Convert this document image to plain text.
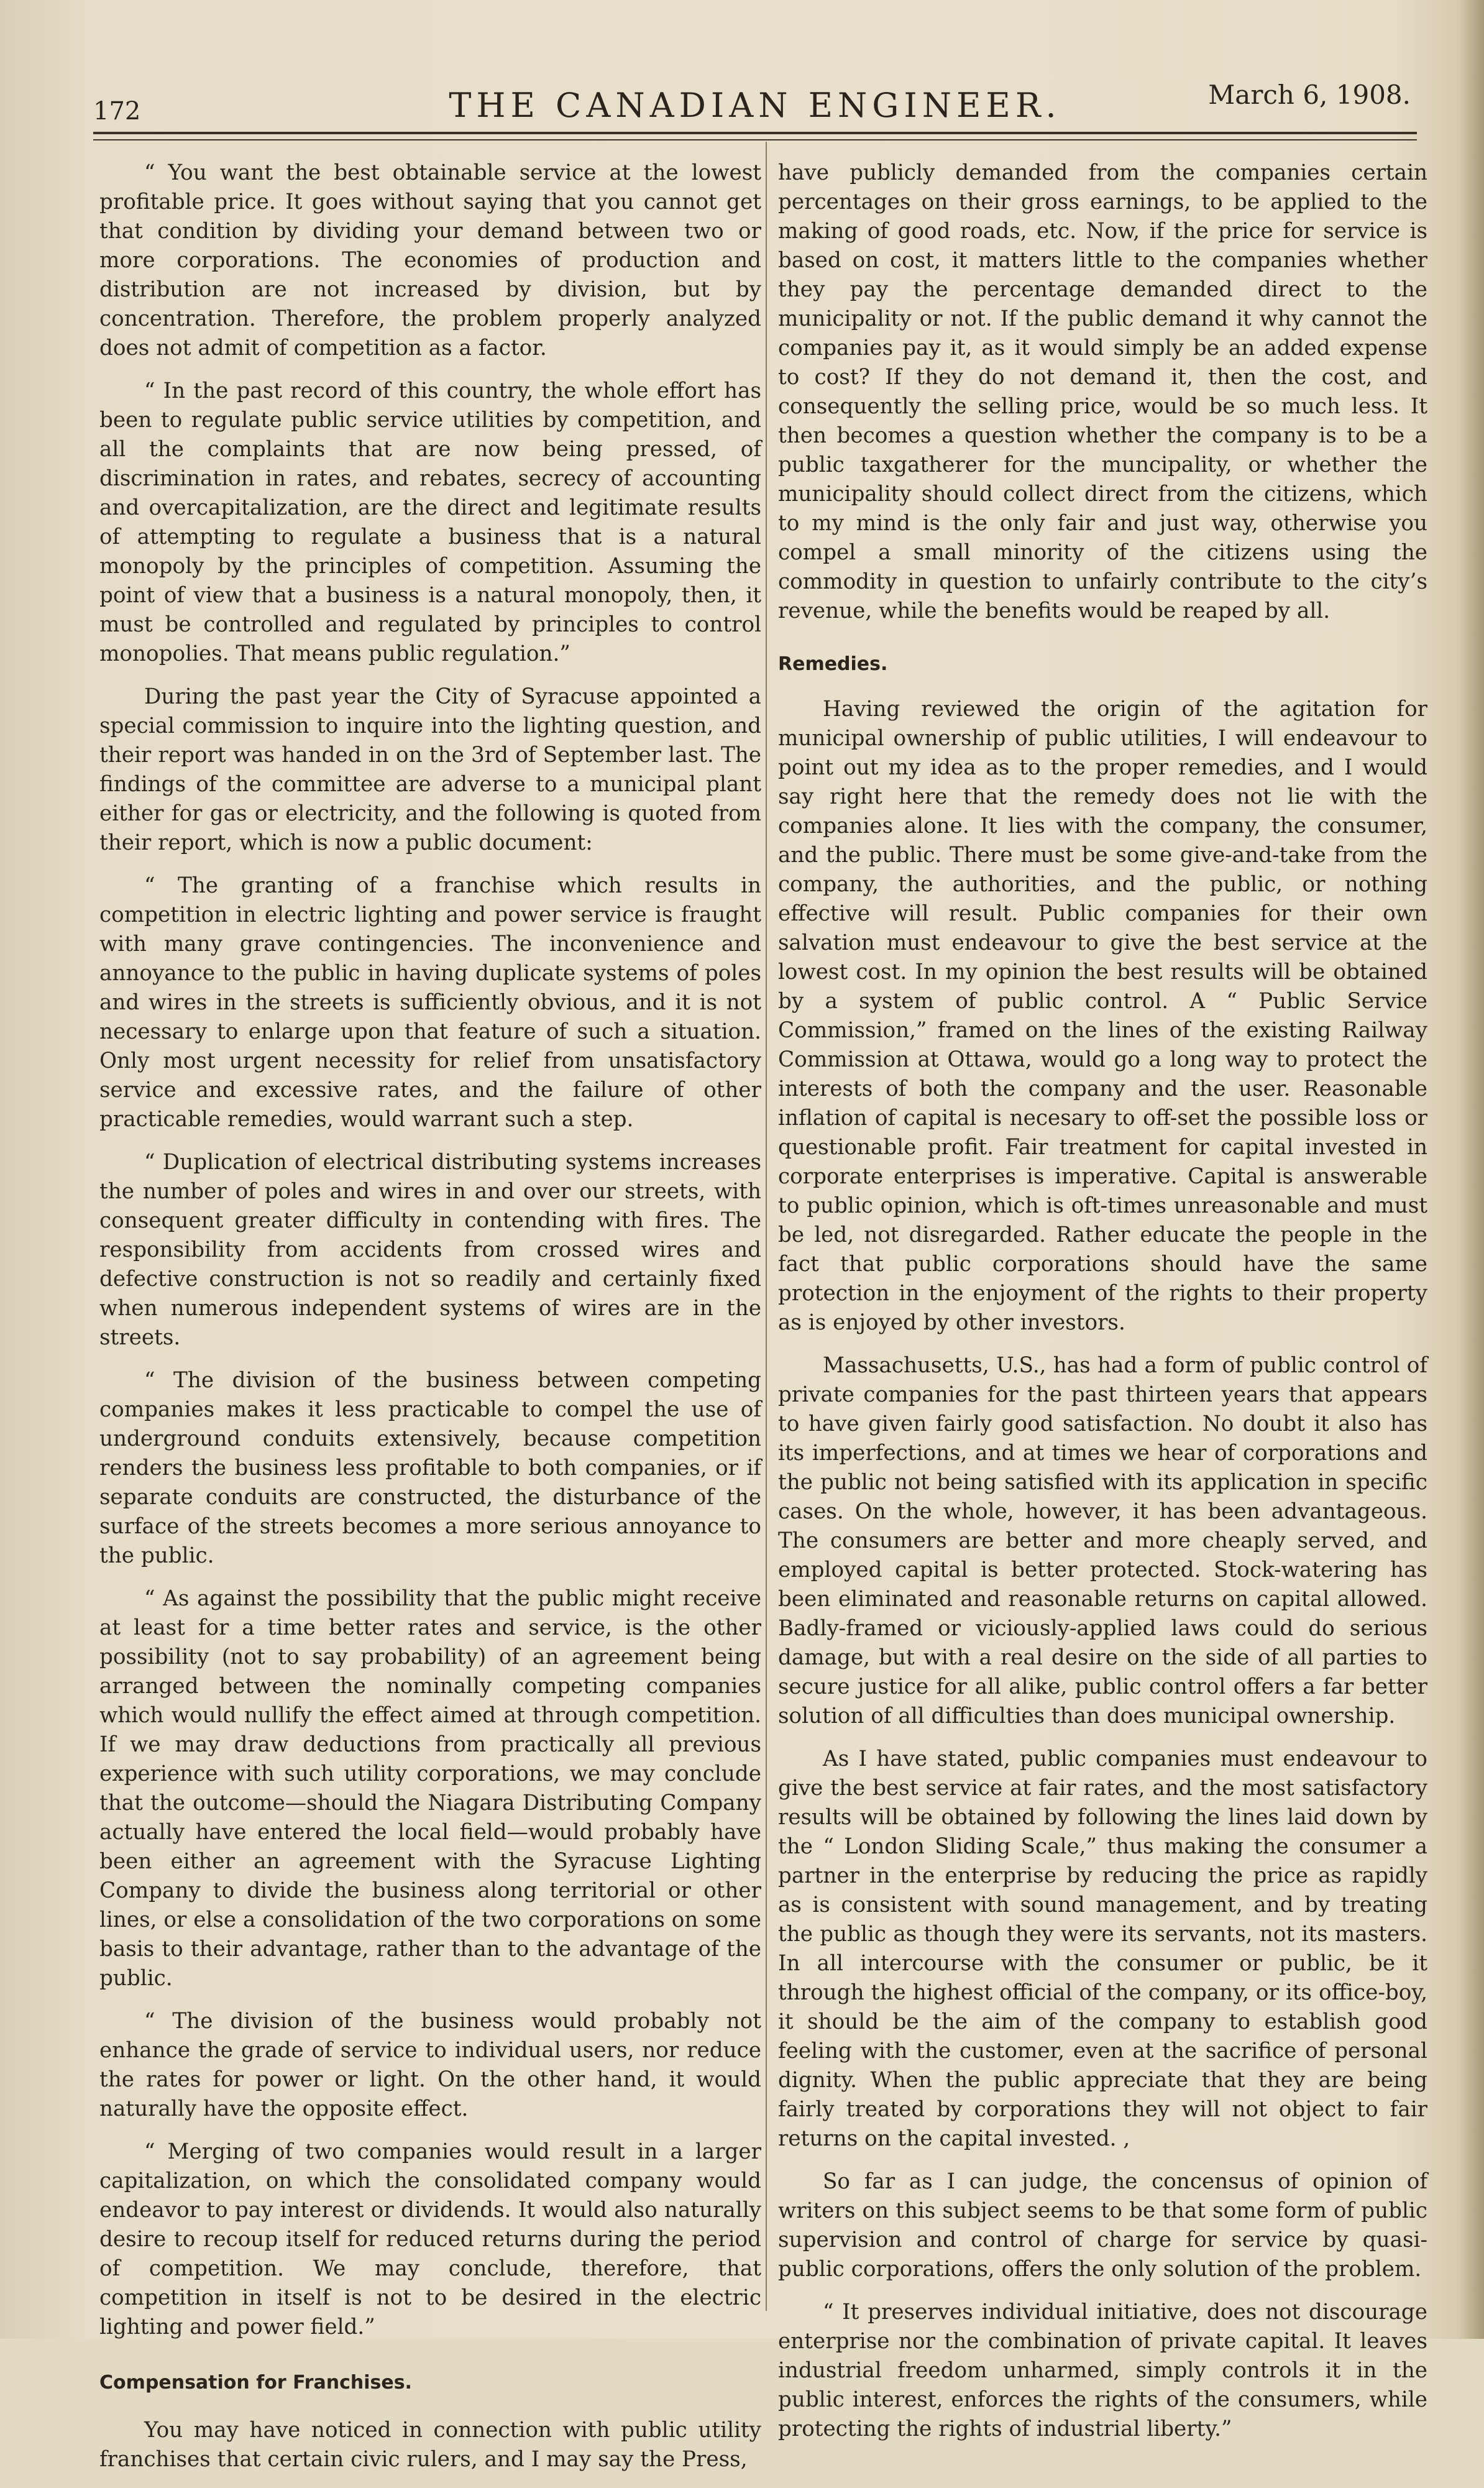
172	THE CANADIAN ENGINEER.	March 6, 1908.

“ You want the best obtainable service at the lowest profitable price. It goes without saying that you cannot get that condition by dividing your demand between two or more corporations. The economies of production and distribution are not increased by division, but by concentration. Therefore, the problem properly analyzed does not admit of competition as a factor.

“ In the past record of this country, the whole effort has been to regulate public service utilities by competition, and all the complaints that are now being pressed, of discrimination in rates, and rebates, secrecy of accounting and overcapitalization, are the direct and legitimate results of attempting to regulate a business that is a natural monopoly by the principles of competition. Assuming the point of view that a business is a natural monopoly, then, it must be controlled and regulated by principles to control monopolies. That means public regulation.”

During the past year the City of Syracuse appointed a special commission to inquire into the lighting question, and their report was handed in on the 3rd of September last. The findings of the committee are adverse to a municipal plant either for gas or electricity, and the following is quoted from their report, which is now a public document:

“ The granting of a franchise which results in competition in electric lighting and power service is fraught with many grave contingencies. The inconvenience and annoyance to the public in having duplicate systems of poles and wires in the streets is sufficiently obvious, and it is not necessary to enlarge upon that feature of such a situation. Only most urgent necessity for relief from unsatisfactory service and excessive rates, and the failure of other practicable remedies, would warrant such a step.

“ Duplication of electrical distributing systems increases the number of poles and wires in and over our streets, with consequent greater difficulty in contending with fires. The responsibility from accidents from crossed wires and defective construction is not so readily and certainly fixed when numerous independent systems of wires are in the streets.

“ The division of the business between competing companies makes it less practicable to compel the use of underground conduits extensively, because competition renders the business less profitable to both companies, or if separate conduits are constructed, the disturbance of the surface of the streets becomes a more serious annoyance to the public.

“ As against the possibility that the public might receive at least for a time better rates and service, is the other possibility (not to say probability) of an agreement being arranged between the nominally competing companies which would nullify the effect aimed at through competition. If we may draw deductions from practically all previous experience with such utility corporations, we may conclude that the outcome—should the Niagara Distributing Company actually have entered the local field—would probably have been either an agreement with the Syracuse Lighting Company to divide the business along territorial or other lines, or else a consolidation of the two corporations on some basis to their advantage, rather than to the advantage of the public.

“ The division of the business would probably not enhance the grade of service to individual users, nor reduce the rates for power or light. On the other hand, it would naturally have the opposite effect.

“ Merging of two companies would result in a larger capitalization, on which the consolidated company would endeavor to pay interest or dividends. It would also naturally desire to recoup itself for reduced returns during the period of competition. We may conclude, therefore, that competition in itself is not to be desired in the electric lighting and power field.”

Compensation for Franchises.

You may have noticed in connection with public utility franchises that certain civic rulers, and I may say the Press,

have publicly demanded from the companies certain percentages on their gross earnings, to be applied to the making of good roads, etc. Now, if the price for service is based on cost, it matters little to the companies whether they pay the percentage demanded direct to the municipality or not. If the public demand it why cannot the companies pay it, as it would simply be an added expense to cost? If they do not demand it, then the cost, and consequently the selling price, would be so much less. It then becomes a question whether the company is to be a public taxgatherer for the muncipality, or whether the municipality should collect direct from the citizens, which to my mind is the only fair and just way, otherwise you compel a small minority of the citizens using the commodity in question to unfairly contribute to the city’s revenue, while the benefits would be reaped by all.

Remedies.

Having reviewed the origin of the agitation for municipal ownership of public utilities, I will endeavour to point out my idea as to the proper remedies, and I would say right here that the remedy does not lie with the companies alone. It lies with the company, the consumer, and the public. There must be some give-and-take from the company, the authorities, and the public, or nothing effective will result. Public companies for their own salvation must endeavour to give the best service at the lowest cost. In my opinion the best results will be obtained by a system of public control. A “ Public Service Commission,” framed on the lines of the existing Railway Commission at Ottawa, would go a long way to protect the interests of both the company and the user. Reasonable inflation of capital is necesary to off-set the possible loss or questionable profit. Fair treatment for capital invested in corporate enterprises is imperative. Capital is answerable to public opinion, which is oft-times unreasonable and must be led, not disregarded. Rather educate the people in the fact that public corporations should have the same protection in the enjoyment of the rights to their property as is enjoyed by other investors.

Massachusetts, U.S., has had a form of public control of private companies for the past thirteen years that appears to have given fairly good satisfaction. No doubt it also has its imperfections, and at times we hear of corporations and the public not being satisfied with its application in specific cases. On the whole, however, it has been advantageous. The consumers are better and more cheaply served, and employed capital is better protected. Stock-watering has been eliminated and reasonable returns on capital allowed. Badly-framed or viciously-applied laws could do serious damage, but with a real desire on the side of all parties to secure justice for all alike, public control offers a far better solution of all difficulties than does municipal ownership.

As I have stated, public companies must endeavour to give the best service at fair rates, and the most satisfactory results will be obtained by following the lines laid down by the “ London Sliding Scale,” thus making the consumer a partner in the enterprise by reducing the price as rapidly as is consistent with sound management, and by treating the public as though they were its servants, not its masters. In all intercourse with the consumer or public, be it through the highest official of the company, or its office-boy, it should be the aim of the company to establish good feeling with the customer, even at the sacrifice of personal dignity. When the public appreciate that they are being fairly treated by corporations they will not object to fair returns on the capital invested. ,

So far as I can judge, the concensus of opinion of writers on this subject seems to be that some form of public supervision and control of charge for service by quasi-public corporations, offers the only solution of the problem.

“ It preserves individual initiative, does not discourage enterprise nor the combination of private capital. It leaves industrial freedom unharmed, simply controls it in the public interest, enforces the rights of the consumers, while protecting the rights of industrial liberty.”
